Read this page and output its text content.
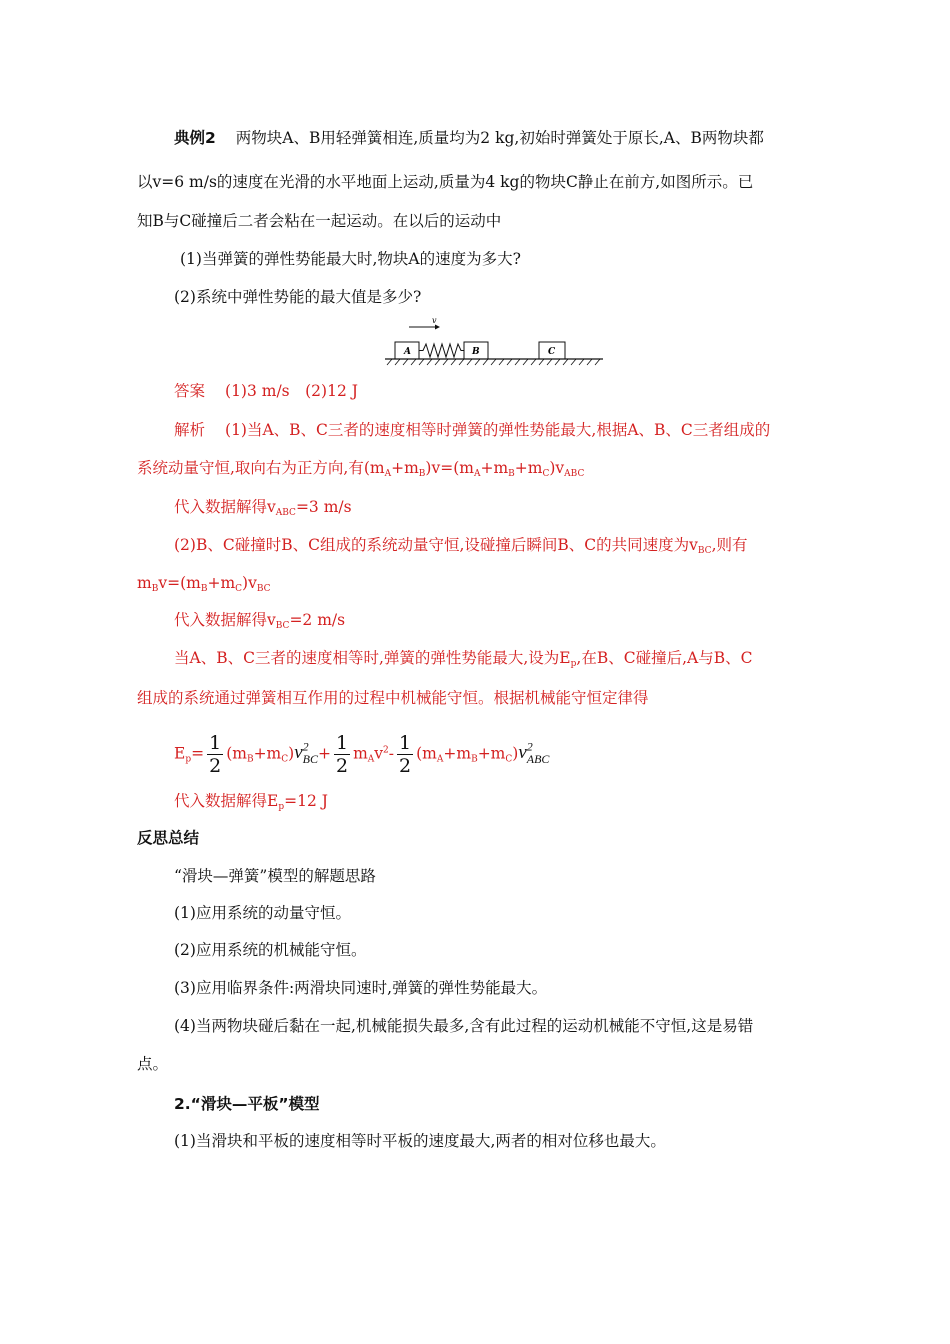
典例2 两物块A、B用轻弹簧相连,质量均为2 kg,初始时弹簧处于原长,A、B两物块都
以v=6 m/s的速度在光滑的水平地面上运动,质量为4 kg的物块C静止在前方,如图所示。已
知B与C碰撞后二者会粘在一起运动。在以后的运动中
(1)当弹簧的弹性势能最大时,物块A的速度为多大?
(2)系统中弹性势能的最大值是多少?
v
A	B	C
答案 (1)3 m/s　(2)12 J
解析 (1)当A、B、C三者的速度相等时弹簧的弹性势能最大,根据A、B、C三者组成的
系统动量守恒,取向右为正方向,有$(m_A+m_B)v=(m_A+m_B+m_C)v_{ABC}$
代入数据解得$v_{ABC}=3$ m/s
(2)B、C碰撞时B、C组成的系统动量守恒,设碰撞后瞬间B、C的共同速度为$v_{BC}$,则有
$m_Bv=(m_B+m_C)v_{BC}$
代入数据解得$v_{BC}=2$ m/s
当A、B、C三者的速度相等时,弹簧的弹性势能最大,设为$E_p$,在B、C碰撞后,A与B、C
组成的系统通过弹簧相互作用的过程中机械能守恒。根据机械能守恒定律得
$E_p= \frac{1}{2} (m_B+m_C)v^2_{BC}+ \frac{1}{2} m_Av^2- \frac{1}{2} (m_A+m_B+m_C)v^2_{ABC}$
代入数据解得$E_p=12$ J
反思总结
“滑块—弹簧”模型的解题思路
(1)应用系统的动量守恒。
(2)应用系统的机械能守恒。
(3)应用临界条件:两滑块同速时,弹簧的弹性势能最大。
(4)当两物块碰后黏在一起,机械能损失最多,含有此过程的运动机械能不守恒,这是易错
点。
2.“滑块—平板”模型
(1)当滑块和平板的速度相等时平板的速度最大,两者的相对位移也最大。
